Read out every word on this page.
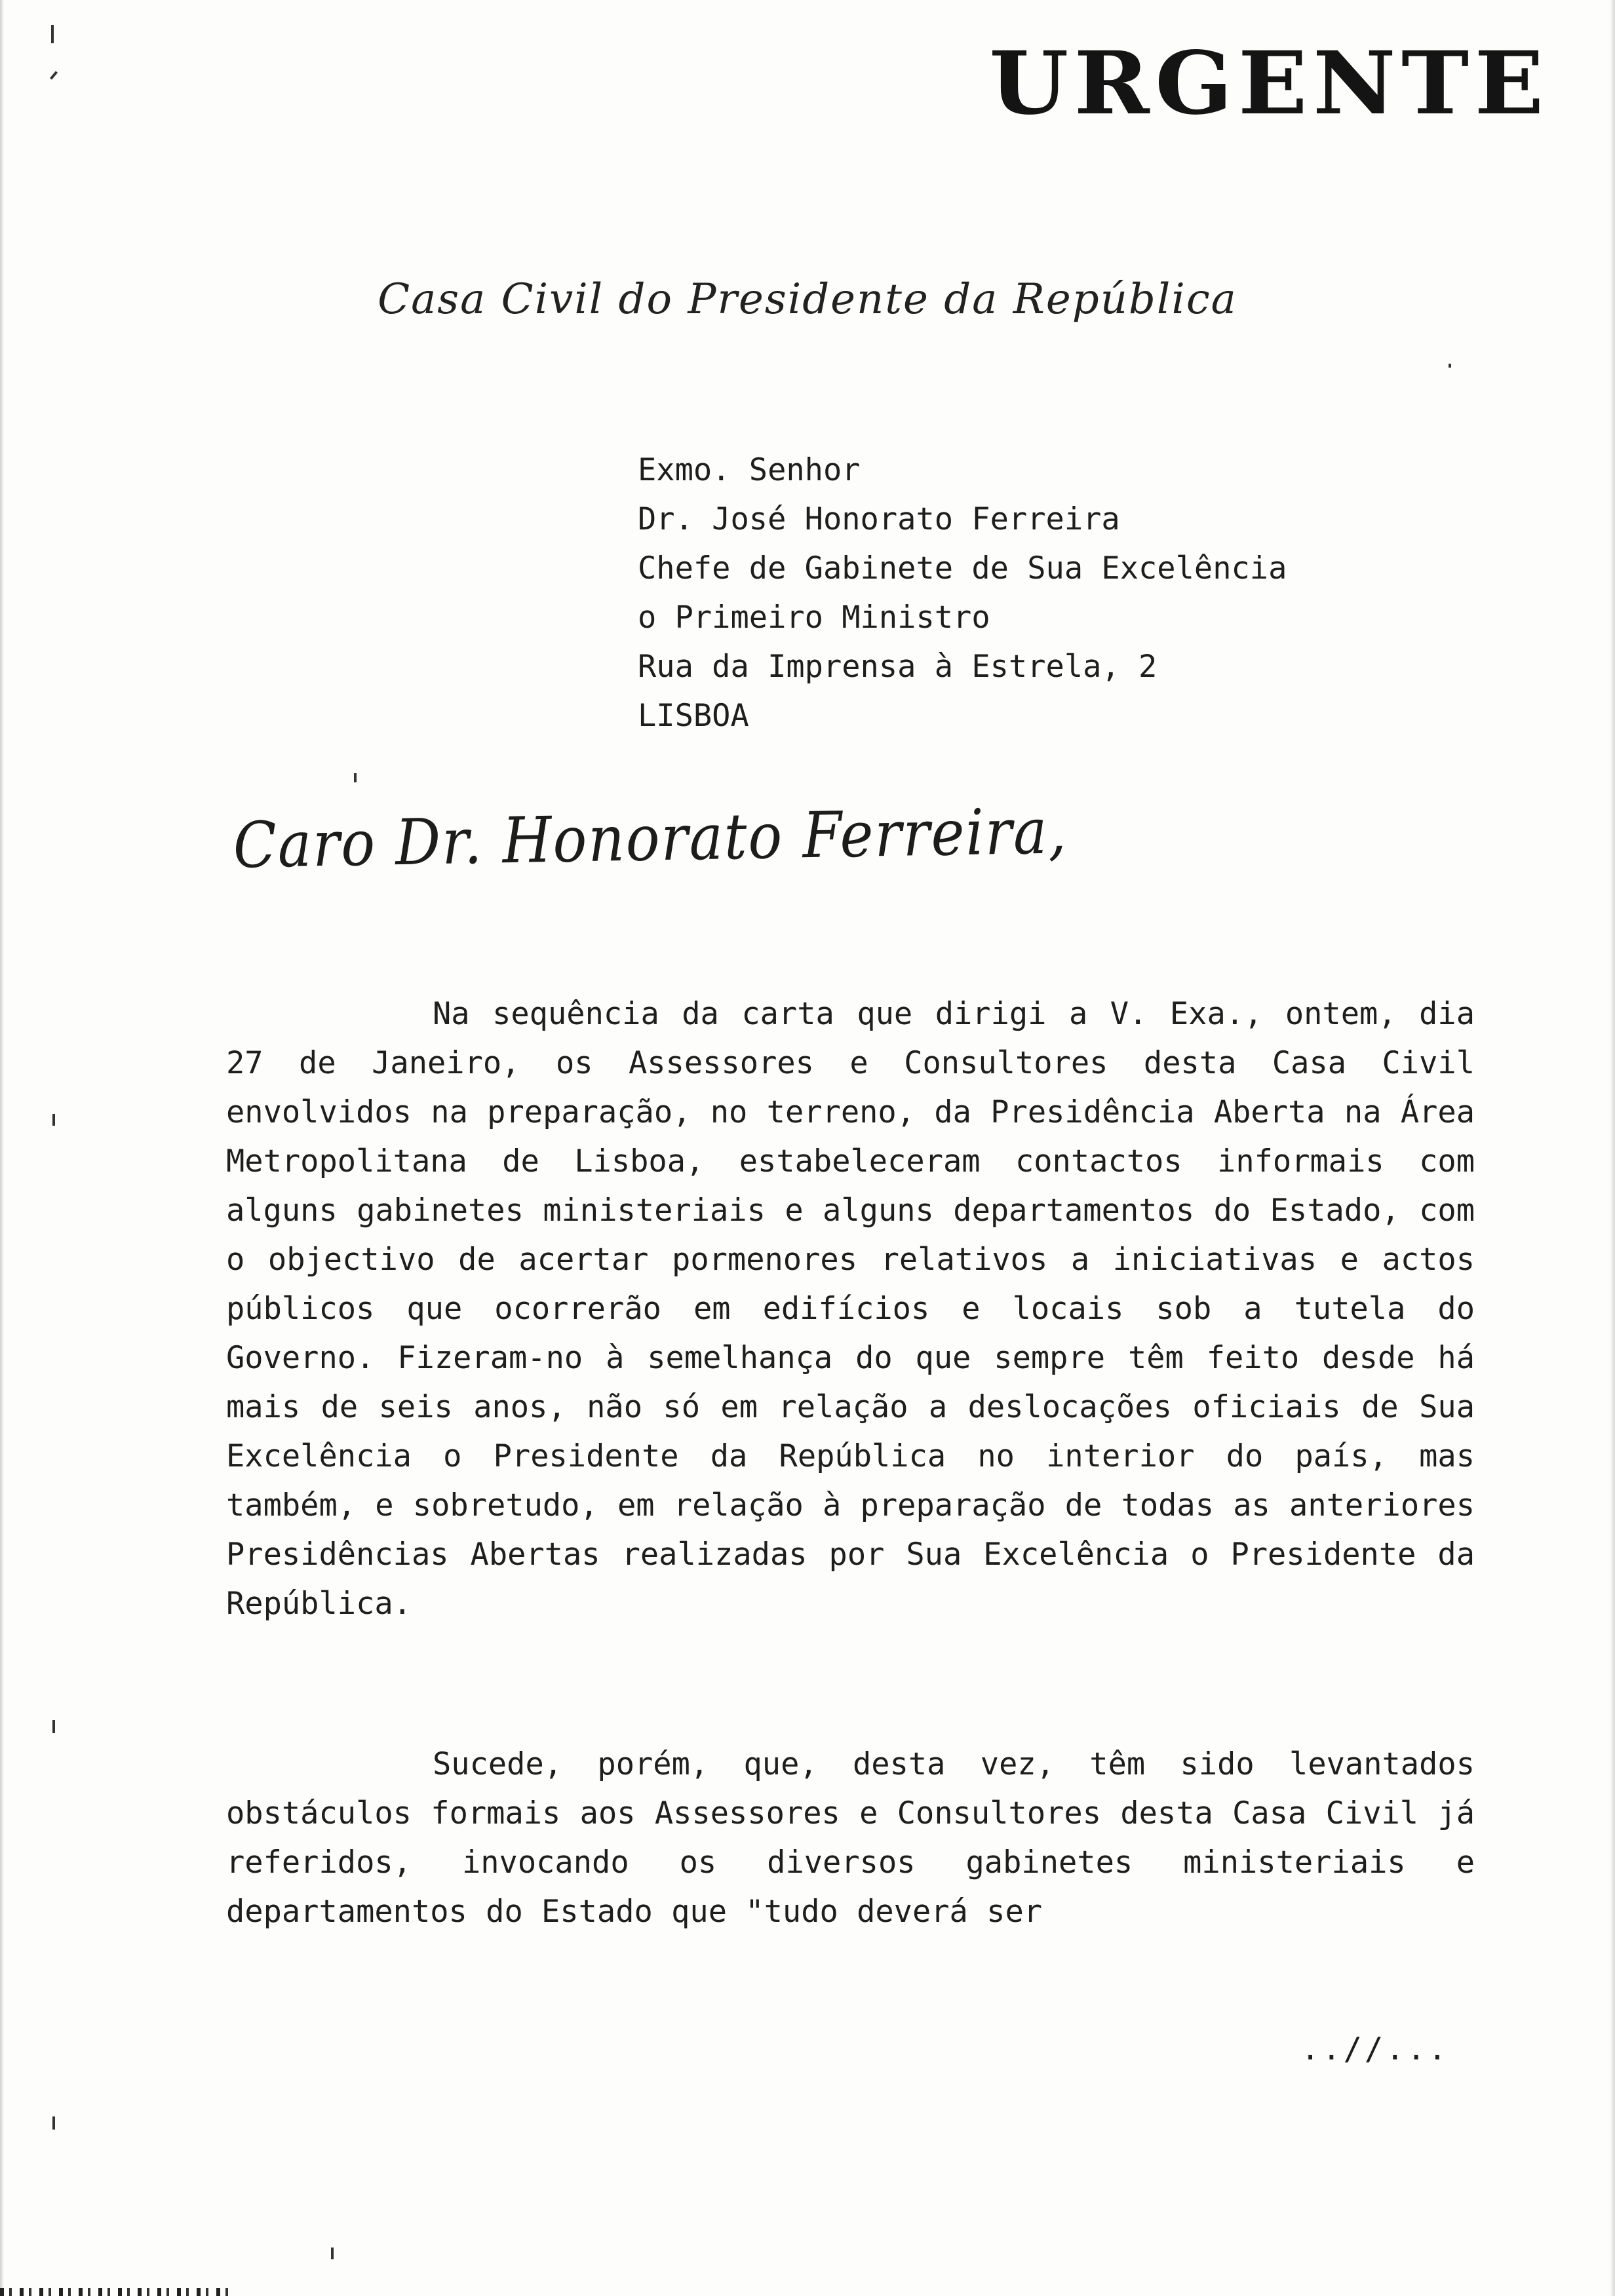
URGENTE
Casa Civil do Presidente da República
Exmo. Senhor
Dr. José Honorato Ferreira
Chefe de Gabinete de Sua Excelência
o Primeiro Ministro
Rua da Imprensa à Estrela, 2
LISBOA
Caro Dr. Honorato Ferreira,
Na sequência da carta que dirigi a V. Exa., ontem, dia 27 de Janeiro, os Assessores e Consultores desta Casa Civil envolvidos na preparação, no terreno, da Presidência Aberta na Área Metropolitana de Lisboa, estabeleceram contactos informais com alguns gabinetes ministeriais e alguns departamentos do Estado, com o objectivo de acertar pormenores relativos a iniciativas e actos públicos que ocorrerão em edifícios e locais sob a tutela do Governo. Fizeram-no à semelhança do que sempre têm feito desde há mais de seis anos, não só em relação a deslocações oficiais de Sua Excelência o Presidente da República no interior do país, mas também, e sobretudo, em relação à preparação de todas as anteriores Presidências Abertas realizadas por Sua Excelência o Presidente da República.
Sucede, porém, que, desta vez, têm sido levantados obstáculos formais aos Assessores e Consultores desta Casa Civil já referidos, invocando os diversos gabinetes ministeriais e departamentos do Estado que "tudo deverá ser
..//...
